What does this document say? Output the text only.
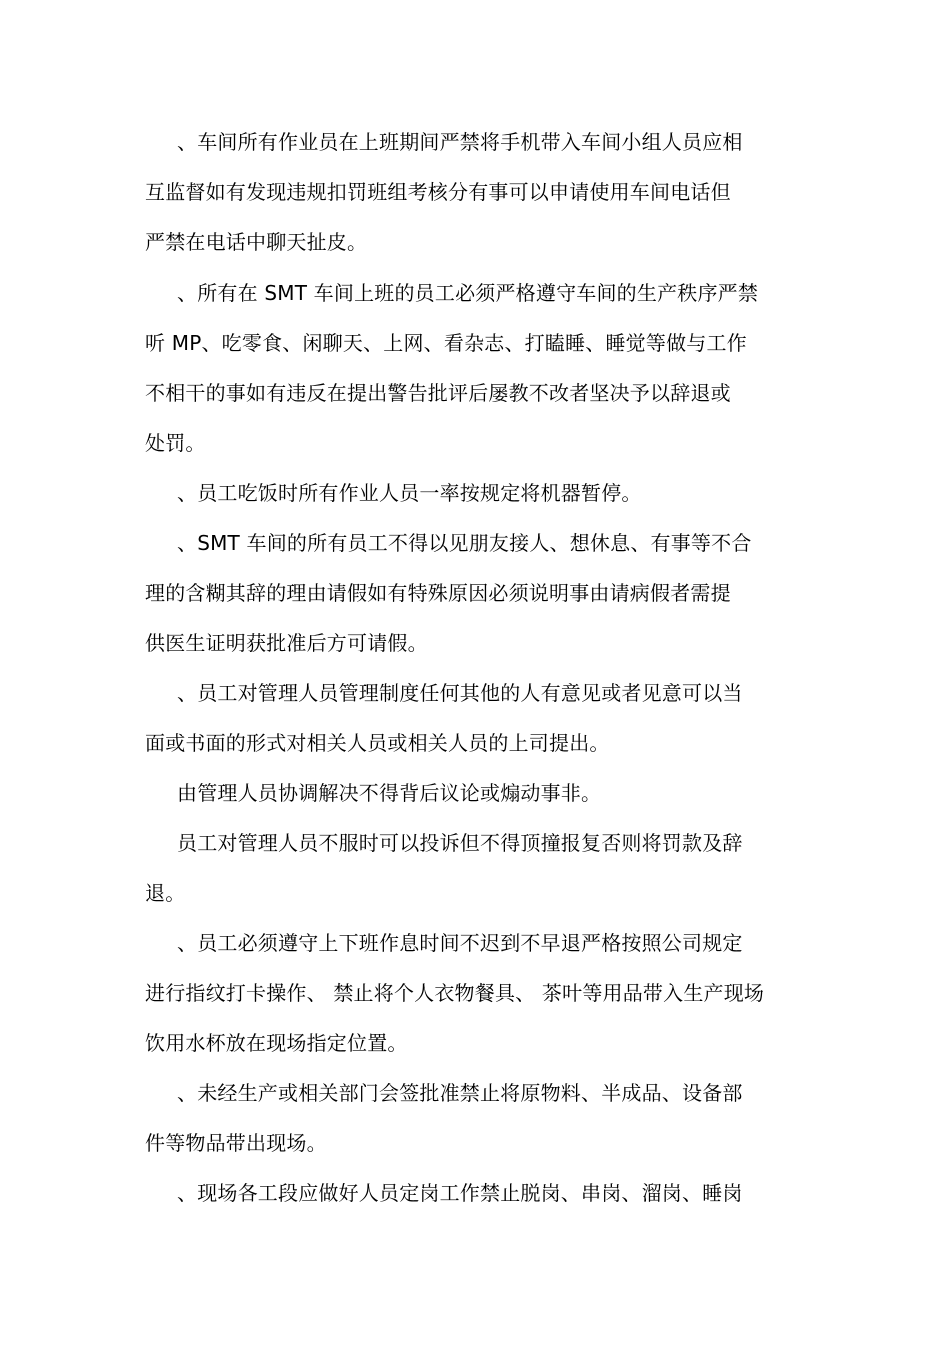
、车间所有作业员在上班期间严禁将手机带入车间小组人员应相

互监督如有发现违规扣罚班组考核分有事可以申请使用车间电话但

严禁在电话中聊天扯皮。

、所有在 SMT 车间上班的员工必须严格遵守车间的生产秩序严禁

听 MP、吃零食、闲聊天、上网、看杂志、打瞌睡、睡觉等做与工作

不相干的事如有违反在提出警告批评后屡教不改者坚决予以辞退或

处罚。

、员工吃饭时所有作业人员一率按规定将机器暂停。

、SMT 车间的所有员工不得以见朋友接人、想休息、有事等不合

理的含糊其辞的理由请假如有特殊原因必须说明事由请病假者需提

供医生证明获批准后方可请假。

、员工对管理人员管理制度任何其他的人有意见或者见意可以当

面或书面的形式对相关人员或相关人员的上司提出。

由管理人员协调解决不得背后议论或煽动事非。

员工对管理人员不服时可以投诉但不得顶撞报复否则将罚款及辞

退。

、员工必须遵守上下班作息时间不迟到不早退严格按照公司规定

进行指纹打卡操作、 禁止将个人衣物餐具、 茶叶等用品带入生产现场

饮用水杯放在现场指定位置。

、未经生产或相关部门会签批准禁止将原物料、半成品、设备部

件等物品带出现场。

、现场各工段应做好人员定岗工作禁止脱岗、串岗、溜岗、睡岗
